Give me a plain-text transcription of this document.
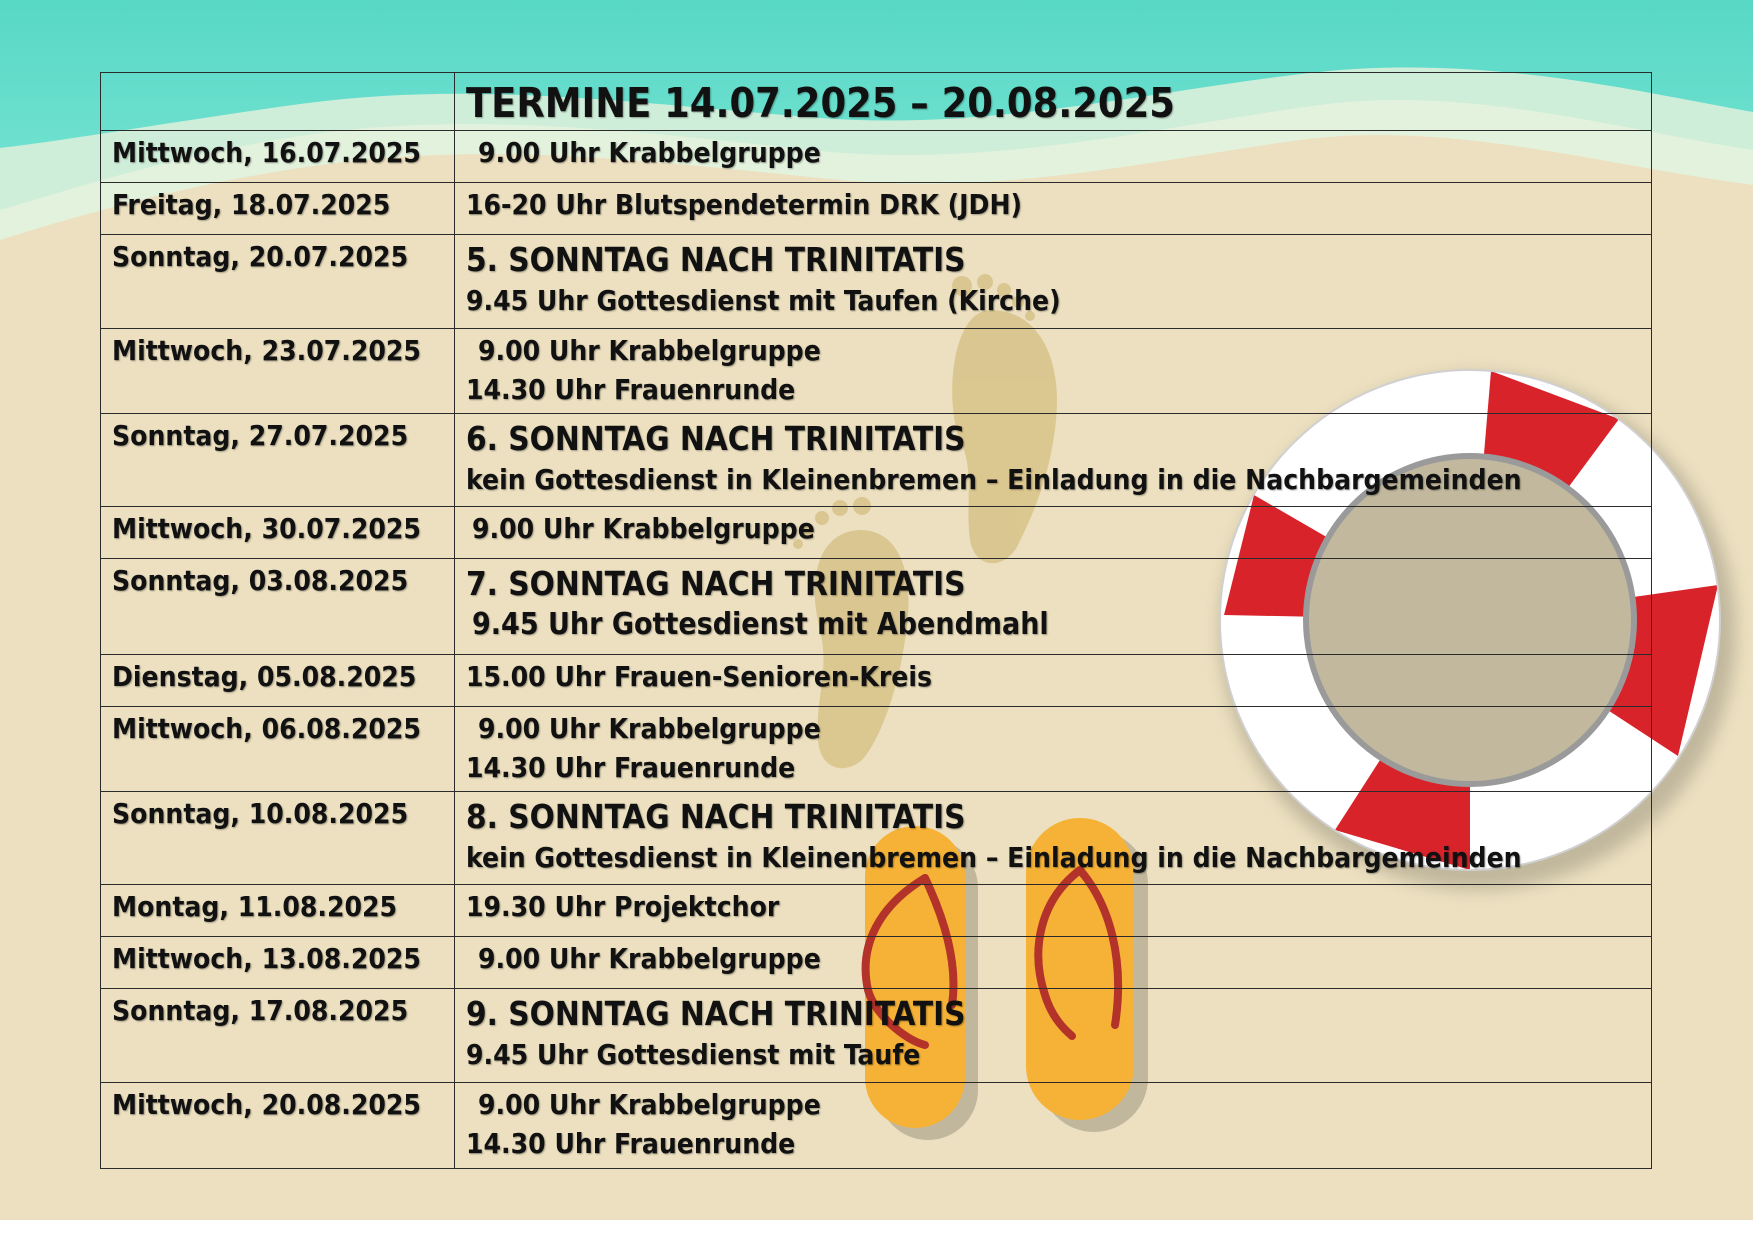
	TERMINE 14.07.2025 – 20.08.2025

Mittwoch, 16.07.2025	9.00 Uhr Krabbelgruppe

Freitag, 18.07.2025	16-20 Uhr Blutspendetermin DRK (JDH)

Sonntag, 20.07.2025	5. SONNTAG NACH TRINITATIS
9.45 Uhr Gottesdienst mit Taufen (Kirche)

Mittwoch, 23.07.2025	9.00 Uhr Krabbelgruppe
14.30 Uhr Frauenrunde

Sonntag, 27.07.2025	6. SONNTAG NACH TRINITATIS
kein Gottesdienst in Kleinenbremen – Einladung in die Nachbargemeinden

Mittwoch, 30.07.2025	9.00 Uhr Krabbelgruppe

Sonntag, 03.08.2025	7. SONNTAG NACH TRINITATIS
9.45 Uhr Gottesdienst mit Abendmahl

Dienstag, 05.08.2025	15.00 Uhr Frauen-Senioren-Kreis

Mittwoch, 06.08.2025	9.00 Uhr Krabbelgruppe
14.30 Uhr Frauenrunde

Sonntag, 10.08.2025	8. SONNTAG NACH TRINITATIS
kein Gottesdienst in Kleinenbremen – Einladung in die Nachbargemeinden

Montag, 11.08.2025	19.30 Uhr Projektchor

Mittwoch, 13.08.2025	9.00 Uhr Krabbelgruppe

Sonntag, 17.08.2025	9. SONNTAG NACH TRINITATIS
9.45 Uhr Gottesdienst mit Taufe

Mittwoch, 20.08.2025	9.00 Uhr Krabbelgruppe
14.30 Uhr Frauenrunde
